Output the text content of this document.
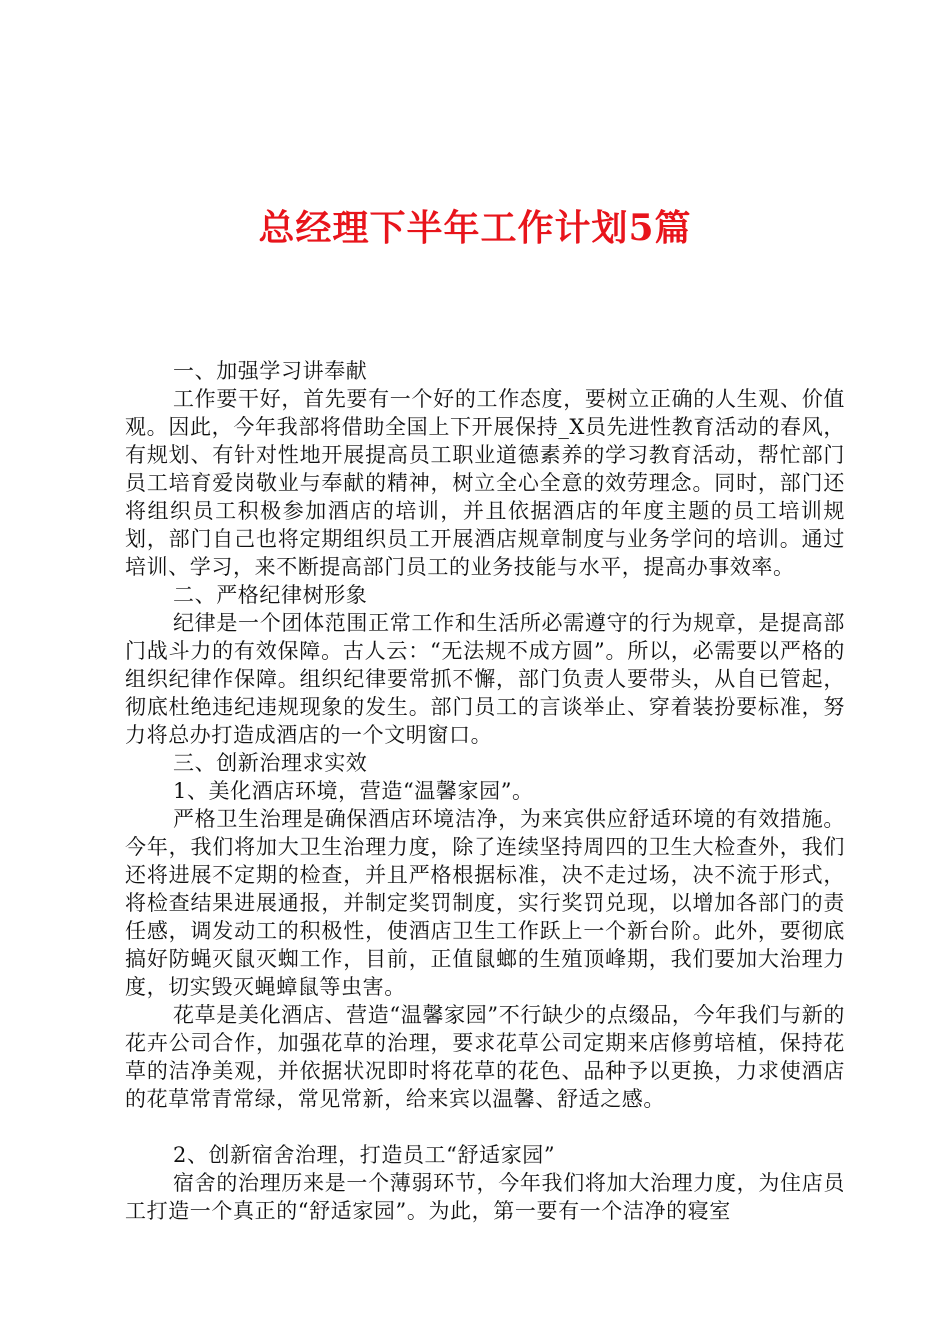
总经理下半年工作计划5篇

一、加强学习讲奉献

工作要干好，首先要有一个好的工作态度，要树立正确的人生观、价值观。因此，今年我部将借助全国上下开展保持_X员先进性教育活动的春风，有规划、有针对性地开展提高员工职业道德素养的学习教育活动，帮忙部门员工培育爱岗敬业与奉献的精神，树立全心全意的效劳理念。同时，部门还将组织员工积极参加酒店的培训，并且依据酒店的年度主题的员工培训规划，部门自己也将定期组织员工开展酒店规章制度与业务学问的培训。通过培训、学习，来不断提高部门员工的业务技能与水平，提高办事效率。

二、严格纪律树形象

纪律是一个团体范围正常工作和生活所必需遵守的行为规章，是提高部门战斗力的有效保障。古人云：“无法规不成方圆”。所以，必需要以严格的组织纪律作保障。组织纪律要常抓不懈，部门负责人要带头，从自已管起，彻底杜绝违纪违规现象的发生。部门员工的言谈举止、穿着装扮要标准，努力将总办打造成酒店的一个文明窗口。

三、创新治理求实效

1、美化酒店环境，营造“温馨家园”。

严格卫生治理是确保酒店环境洁净，为来宾供应舒适环境的有效措施。今年，我们将加大卫生治理力度，除了连续坚持周四的卫生大检查外，我们还将进展不定期的检查，并且严格根据标准，决不走过场，决不流于形式，将检查结果进展通报，并制定奖罚制度，实行奖罚兑现，以增加各部门的责任感，调发动工的积极性，使酒店卫生工作跃上一个新台阶。此外，要彻底搞好防蝇灭鼠灭蜘工作，目前，正值鼠螂的生殖顶峰期，我们要加大治理力度，切实毁灭蝇蟑鼠等虫害。

花草是美化酒店、营造“温馨家园”不行缺少的点缀品，今年我们与新的花卉公司合作，加强花草的治理，要求花草公司定期来店修剪培植，保持花草的洁净美观，并依据状况即时将花草的花色、品种予以更换，力求使酒店的花草常青常绿，常见常新，给来宾以温馨、舒适之感。

2、创新宿舍治理，打造员工“舒适家园”

宿舍的治理历来是一个薄弱环节，今年我们将加大治理力度，为住店员工打造一个真正的“舒适家园”。为此，第一要有一个洁净的寝室
